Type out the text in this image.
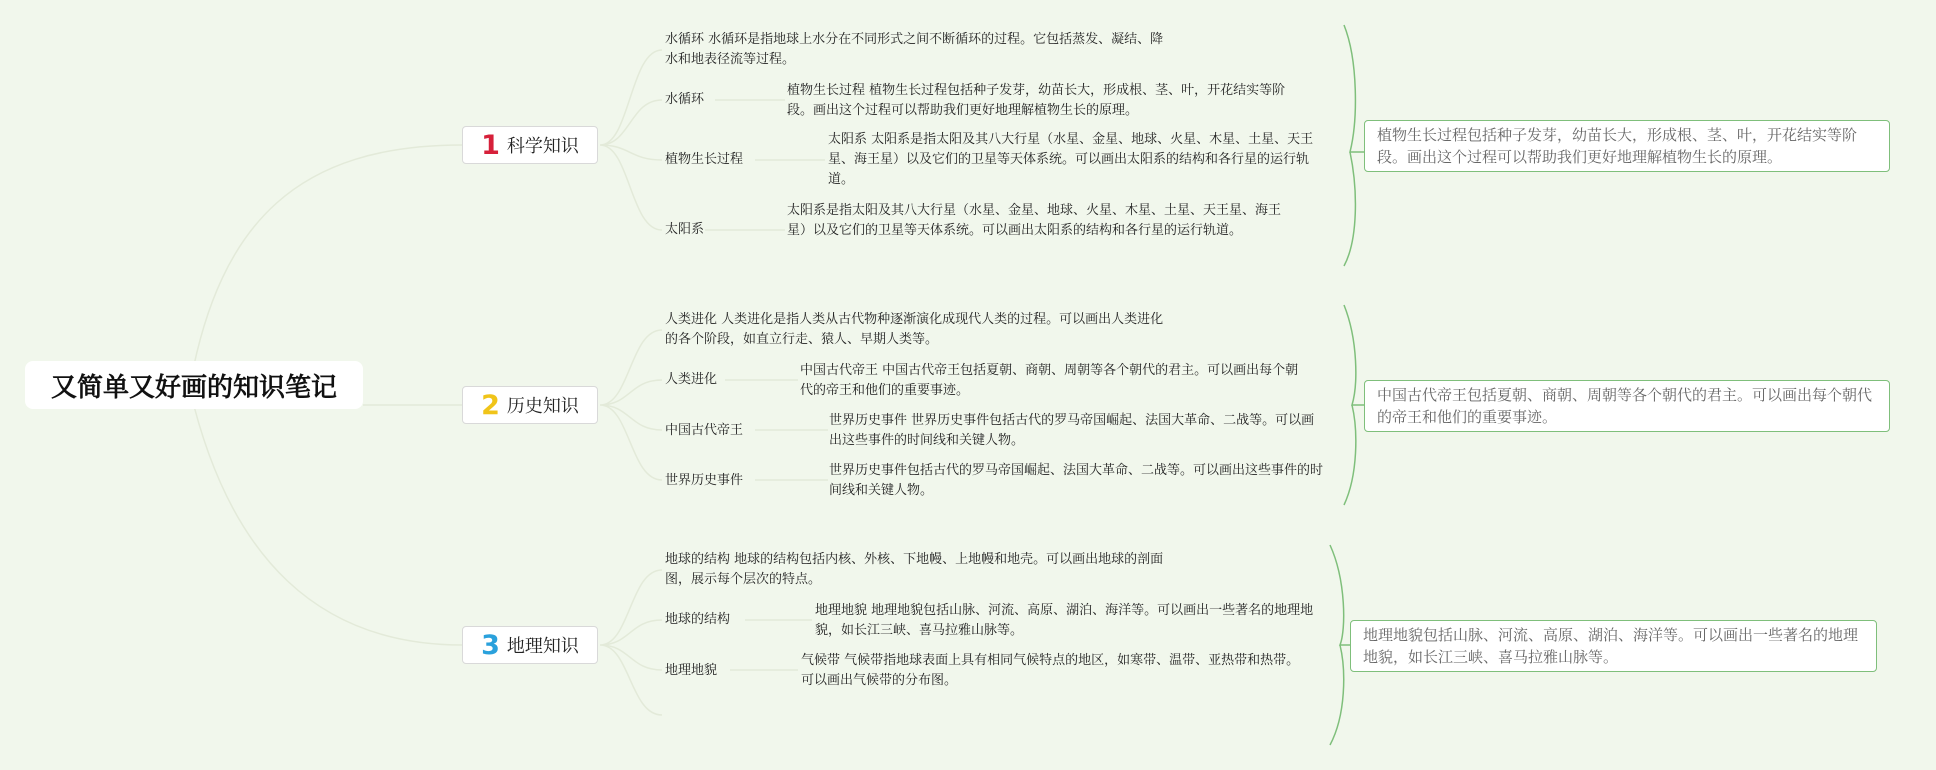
又简单又好画的知识笔记
1 科学知识
水循环 水循环是指地球上水分在不同形式之间不断循环的过程。它包括蒸发、凝结、降水和地表径流等过程。
水循环
植物生长过程 植物生长过程包括种子发芽，幼苗长大，形成根、茎、叶，开花结实等阶段。画出这个过程可以帮助我们更好地理解植物生长的原理。
植物生长过程
太阳系 太阳系是指太阳及其八大行星（水星、金星、地球、火星、木星、土星、天王星、海王星）以及它们的卫星等天体系统。可以画出太阳系的结构和各行星的运行轨道。
太阳系
太阳系是指太阳及其八大行星（水星、金星、地球、火星、木星、土星、天王星、海王星）以及它们的卫星等天体系统。可以画出太阳系的结构和各行星的运行轨道。
植物生长过程包括种子发芽，幼苗长大，形成根、茎、叶，开花结实等阶段。画出这个过程可以帮助我们更好地理解植物生长的原理。
2 历史知识
人类进化 人类进化是指人类从古代物种逐渐演化成现代人类的过程。可以画出人类进化的各个阶段，如直立行走、猿人、早期人类等。
人类进化
中国古代帝王 中国古代帝王包括夏朝、商朝、周朝等各个朝代的君主。可以画出每个朝代的帝王和他们的重要事迹。
中国古代帝王
世界历史事件 世界历史事件包括古代的罗马帝国崛起、法国大革命、二战等。可以画出这些事件的时间线和关键人物。
世界历史事件
世界历史事件包括古代的罗马帝国崛起、法国大革命、二战等。可以画出这些事件的时间线和关键人物。
中国古代帝王包括夏朝、商朝、周朝等各个朝代的君主。可以画出每个朝代的帝王和他们的重要事迹。
3 地理知识
地球的结构 地球的结构包括内核、外核、下地幔、上地幔和地壳。可以画出地球的剖面图，展示每个层次的特点。
地球的结构
地理地貌 地理地貌包括山脉、河流、高原、湖泊、海洋等。可以画出一些著名的地理地貌，如长江三峡、喜马拉雅山脉等。
地理地貌
气候带 气候带指地球表面上具有相同气候特点的地区，如寒带、温带、亚热带和热带。可以画出气候带的分布图。
地理地貌包括山脉、河流、高原、湖泊、海洋等。可以画出一些著名的地理地貌，如长江三峡、喜马拉雅山脉等。
